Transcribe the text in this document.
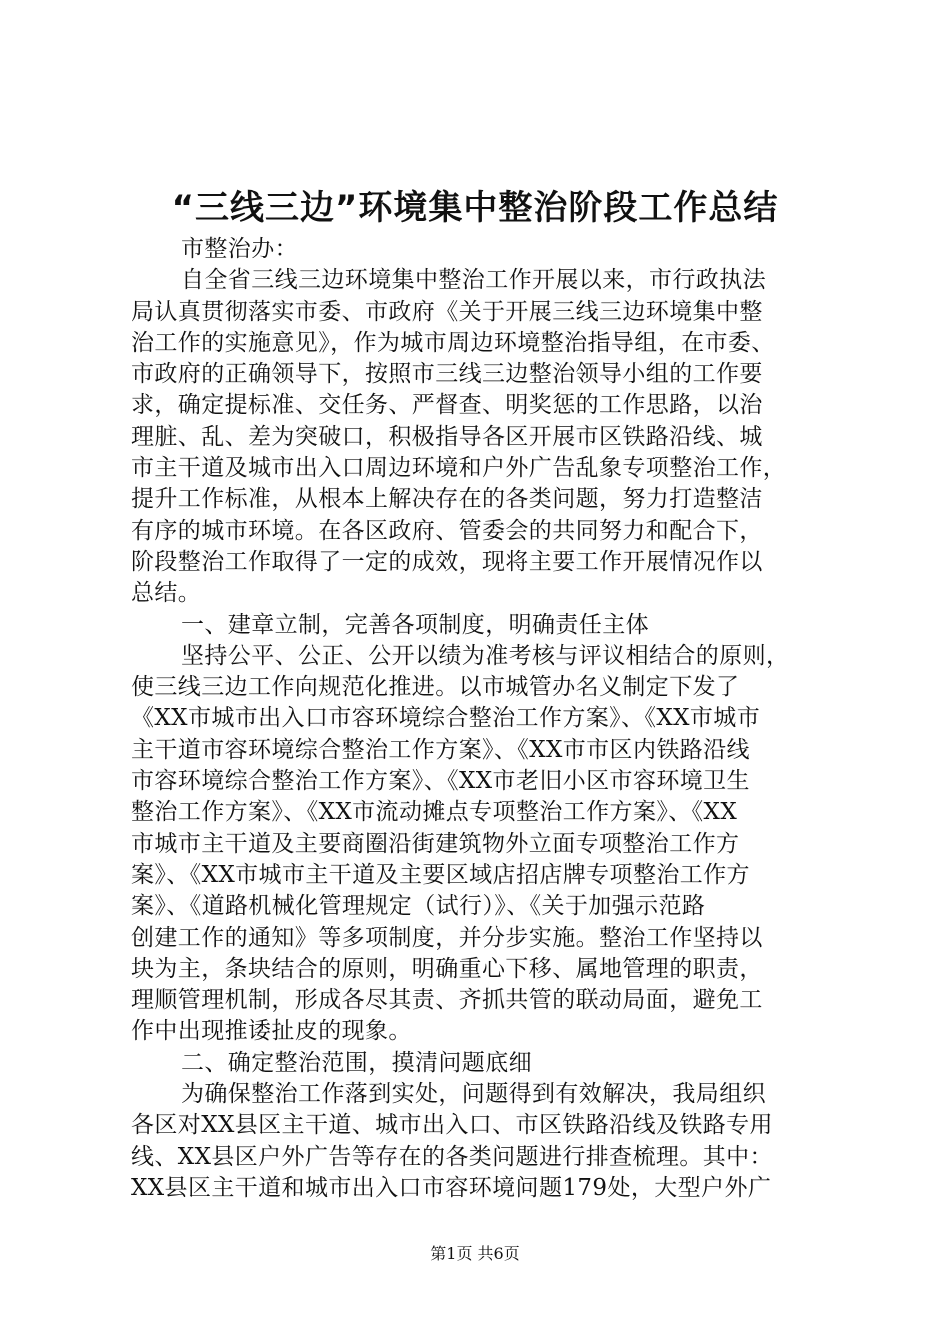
“三线三边”环境集中整治阶段工作总结
市整治办：
自全省三线三边环境集中整治工作开展以来，市行政执法
局认真贯彻落实市委、市政府《关于开展三线三边环境集中整
治工作的实施意见》，作为城市周边环境整治指导组，在市委、
市政府的正确领导下，按照市三线三边整治领导小组的工作要
求，确定提标准、交任务、严督查、明奖惩的工作思路，以治
理脏、乱、差为突破口，积极指导各区开展市区铁路沿线、城
市主干道及城市出入口周边环境和户外广告乱象专项整治工作，
提升工作标准，从根本上解决存在的各类问题，努力打造整洁
有序的城市环境。在各区政府、管委会的共同努力和配合下，
阶段整治工作取得了一定的成效，现将主要工作开展情况作以
总结。
一、建章立制，完善各项制度，明确责任主体
坚持公平、公正、公开以绩为准考核与评议相结合的原则，
使三线三边工作向规范化推进。以市城管办名义制定下发了
《XX市城市出入口市容环境综合整治工作方案》、《XX市城市
主干道市容环境综合整治工作方案》、《XX市市区内铁路沿线
市容环境综合整治工作方案》、《XX市老旧小区市容环境卫生
整治工作方案》、《XX市流动摊点专项整治工作方案》、《XX
市城市主干道及主要商圈沿街建筑物外立面专项整治工作方
案》、《XX市城市主干道及主要区域店招店牌专项整治工作方
案》、《道路机械化管理规定（试行）》、《关于加强示范路
创建工作的通知》等多项制度，并分步实施。整治工作坚持以
块为主，条块结合的原则，明确重心下移、属地管理的职责，
理顺管理机制，形成各尽其责、齐抓共管的联动局面，避免工
作中出现推诿扯皮的现象。
二、确定整治范围，摸清问题底细
为确保整治工作落到实处，问题得到有效解决，我局组织
各区对XX县区主干道、城市出入口、市区铁路沿线及铁路专用
线、XX县区户外广告等存在的各类问题进行排查梳理。其中：
XX县区主干道和城市出入口市容环境问题179处，大型户外广
第1页 共6页
